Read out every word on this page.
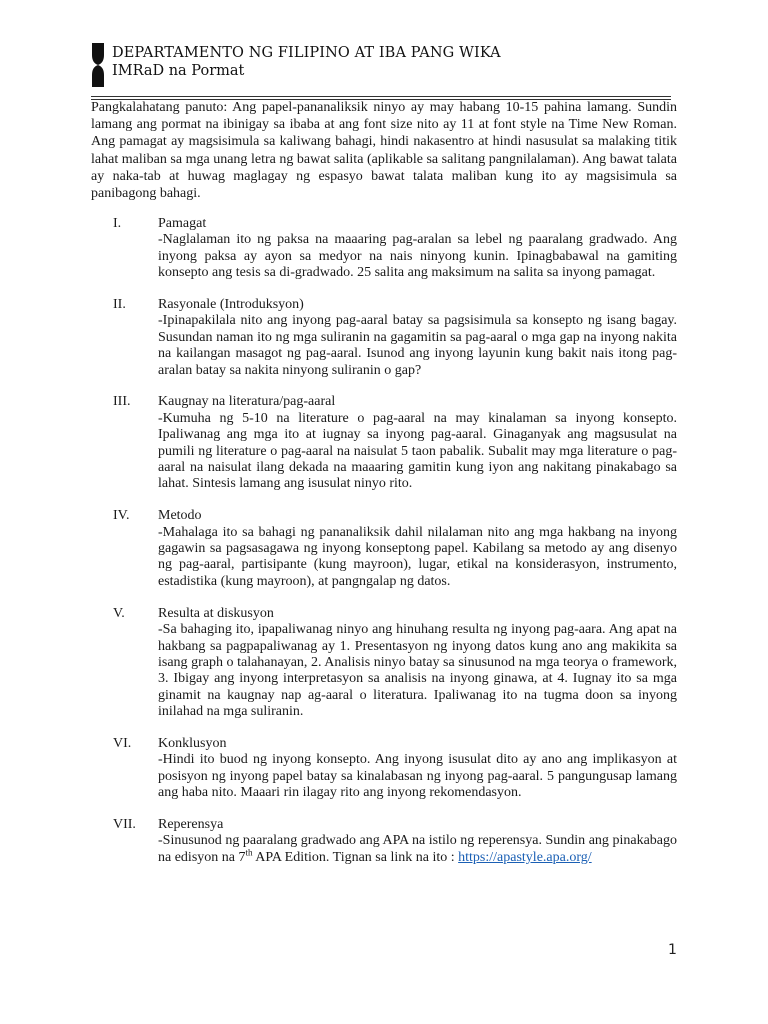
DEPARTAMENTO NG FILIPINO AT IBA PANG WIKA
IMRaD na Pormat

Pangkalahatang panuto: Ang papel-pananaliksik ninyo ay may habang 10-15 pahina lamang. Sundin lamang ang pormat na ibinigay sa ibaba at ang font size nito ay 11 at font style na Time New Roman. Ang pamagat ay magsisimula sa kaliwang bahagi, hindi nakasentro at hindi nasusulat sa malaking titik lahat maliban sa mga unang letra ng bawat salita (aplikable sa salitang pangnilalaman). Ang bawat talata ay naka-tab at huwag maglagay ng espasyo bawat talata maliban kung ito ay magsisimula sa panibagong bahagi.

I.	Pamagat
-Naglalaman ito ng paksa na maaaring pag-aralan sa lebel ng paaralang gradwado. Ang inyong paksa ay ayon sa medyor na nais ninyong kunin. Ipinagbabawal na gamiting konsepto ang tesis sa di-gradwado. 25 salita ang maksimum na salita sa inyong pamagat.
II. Rasyonale (Introduksyon)
-Ipinapakilala nito ang inyong pag-aaral batay sa pagsisimula sa konsepto ng isang bagay. Susundan naman ito ng mga suliranin na gagamitin sa pag-aaral o mga gap na inyong nakita na kailangan masagot ng pag-aaral. Isunod ang inyong layunin kung bakit nais itong pag-aralan batay sa nakita ninyong suliranin o gap?
III. Kaugnay na literatura/pag-aaral
-Kumuha ng 5-10 na literature o pag-aaral na may kinalaman sa inyong konsepto. Ipaliwanag ang mga ito at iugnay sa inyong pag-aaral. Ginaganyak ang magsusulat na pumili ng literature o pag-aaral na naisulat 5 taon pabalik. Subalit may mga literature o pag-aaral na naisulat ilang dekada na maaaring gamitin kung iyon ang nakitang pinakabago sa lahat. Sintesis lamang ang isusulat ninyo rito.
IV. Metodo
-Mahalaga ito sa bahagi ng pananaliksik dahil nilalaman nito ang mga hakbang na inyong gagawin sa pagsasagawa ng inyong konseptong papel. Kabilang sa metodo ay ang disenyo ng pag-aaral, partisipante (kung mayroon), lugar, etikal na konsiderasyon, instrumento, estadistika (kung mayroon), at pangngalap ng datos.
V. Resulta at diskusyon
-Sa bahaging ito, ipapaliwanag ninyo ang hinuhang resulta ng inyong pag-aara. Ang apat na hakbang sa pagpapaliwanag ay 1. Presentasyon ng inyong datos kung ano ang makikita sa isang graph o talahanayan, 2. Analisis ninyo batay sa sinusunod na mga teorya o framework, 3. Ibigay ang inyong interpretasyon sa analisis na inyong ginawa, at 4. Iugnay ito sa mga ginamit na kaugnay nap ag-aaral o literatura. Ipaliwanag ito na tugma doon sa inyong inilahad na mga suliranin.
VI. Konklusyon
-Hindi ito buod ng inyong konsepto. Ang inyong isusulat dito ay ano ang implikasyon at posisyon ng inyong papel batay sa kinalabasan ng inyong pag-aaral. 5 pangungusap lamang ang haba nito. Maaari rin ilagay rito ang inyong rekomendasyon.
VII. Reperensya
-Sinusunod ng paaralang gradwado ang APA na istilo ng reperensya. Sundin ang pinakabago na edisyon na 7th APA Edition. Tignan sa link na ito : https://apastyle.apa.org/
1
